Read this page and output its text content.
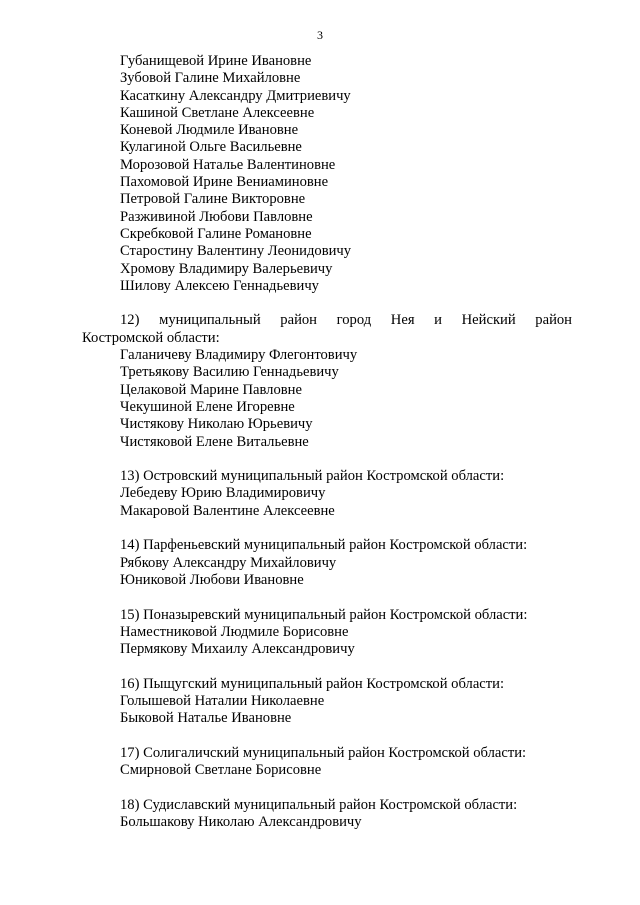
3
Губанищевой Ирине Ивановне
Зубовой Галине Михайловне
Касаткину Александру Дмитриевичу
Кашиной Светлане Алексеевне
Коневой Людмиле Ивановне
Кулагиной Ольге Васильевне
Морозовой Наталье Валентиновне
Пахомовой Ирине Вениаминовне
Петровой Галине Викторовне
Разживиной Любови Павловне
Скребковой Галине Романовне
Старостину Валентину Леонидовичу
Хромову Владимиру Валерьевичу
Шилову Алексею Геннадьевичу

12) муниципальный район город Нея и Нейский район
Костромской области:

Галаничеву Владимиру Флегонтовичу
Третьякову Василию Геннадьевичу
Целаковой Марине Павловне
Чекушиной Елене Игоревне
Чистякову Николаю Юрьевичу
Чистяковой Елене Витальевне

13) Островский муниципальный район Костромской области:

Лебедеву Юрию Владимировичу
Макаровой Валентине Алексеевне

14) Парфеньевский муниципальный район Костромской области:

Рябкову Александру Михайловичу
Юниковой Любови Ивановне

15) Поназыревский муниципальный район Костромской области:

Наместниковой Людмиле Борисовне
Пермякову Михаилу Александровичу

16) Пыщугский муниципальный район Костромской области:

Голышевой Наталии Николаевне
Быковой Наталье Ивановне

17) Солигаличский муниципальный район Костромской области:

Смирновой Светлане Борисовне

18) Судиславский муниципальный район Костромской области:

Большакову Николаю Александровичу
